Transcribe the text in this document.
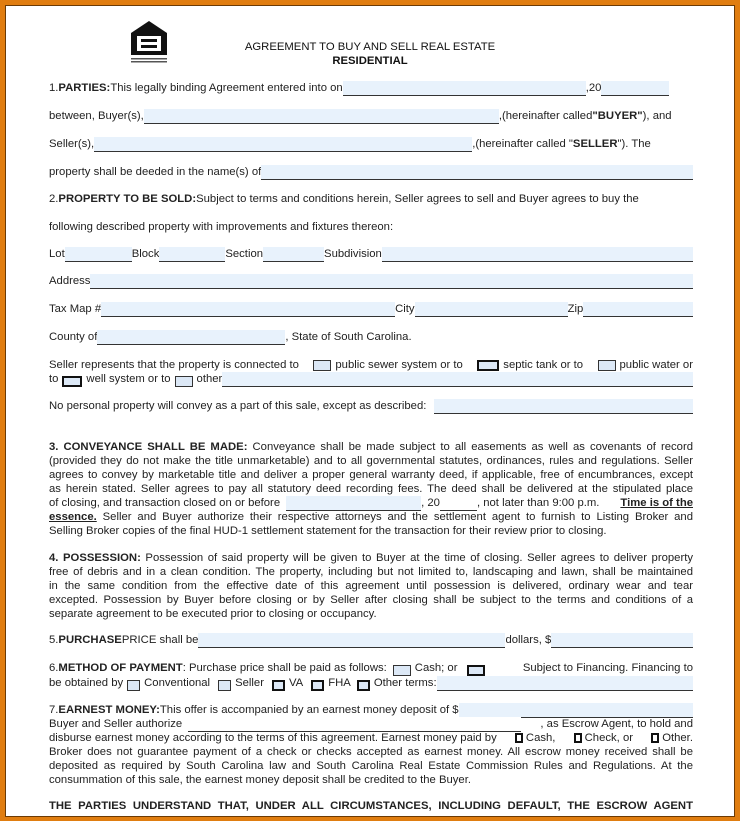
AGREEMENT TO BUY AND SELL REAL ESTATE
RESIDENTIAL
1. PARTIES: This legally binding Agreement entered into on	,20
between, Buyer(s),	,(hereinafter called "BUYER" ), and
Seller(s),	,(hereinafter called " SELLER "). The
property shall be deeded in the name(s) of
2. PROPERTY TO BE SOLD: Subject to terms and conditions herein, Seller agrees to sell and Buyer agrees to buy the
following described property with improvements and fixtures thereon:
Lot	Block	Section	Subdivision
Address
Tax Map #	City	Zip
County of	, State of South Carolina.
Seller represents that the property is connected to	public sewer system or to	septic tank or to	public water or
to well system or to other
No personal property will convey as a part of this sale, except as described:
3. CONVEYANCE SHALL BE MADE: Conveyance shall be made subject to all easements as well as covenants of record
(provided they do not make the title unmarketable) and to all governmental statutes, ordinances, rules and regulations. Seller
agrees to convey by marketable title and deliver a proper general warranty deed, if applicable, free of encumbrances, except
as herein stated. Seller agrees to pay all statutory deed recording fees. The deed shall be delivered at the stipulated place
of closing, and transaction closed on or before	, 20	, not later than 9:00 p.m. Time is of the
essence. Seller and Buyer authorize their respective attorneys and the settlement agent to furnish to Listing Broker and
Selling Broker copies of the final HUD-1 settlement statement for the transaction for their review prior to closing.
4. POSSESSION: Possession of said property will be given to Buyer at the time of closing. Seller agrees to deliver property
free of debris and in a clean condition. The property, including but not limited to, landscaping and lawn, shall be maintained
in the same condition from the effective date of this agreement until possession is delivered, ordinary wear and tear
excepted. Possession by Buyer before closing or by Seller after closing shall be subject to the terms and conditions of a
separate agreement to be executed prior to closing or occupancy.
5. PURCHASE PRICE shall be	dollars, $
6. METHOD OF PAYMENT : Purchase price shall be paid as follows: Cash; or	Subject to Financing. Financing to
be obtained by Conventional Seller VA FHA Other terms:
7. EARNEST MONEY: This offer is accompanied by an earnest money deposit of $
Buyer and Seller authorize	, as Escrow Agent, to hold and
disburse earnest money according to the terms of this agreement. Earnest money paid by	Cash,	Check, or	Other.
Broker does not guarantee payment of a check or checks accepted as earnest money. All escrow money received shall be
deposited as required by South Carolina law and South Carolina Real Estate Commission Rules and Regulations. At the
consummation of this sale, the earnest money deposit shall be credited to the Buyer.
THE PARTIES UNDERSTAND THAT, UNDER ALL CIRCUMSTANCES, INCLUDING DEFAULT, THE ESCROW AGENT
